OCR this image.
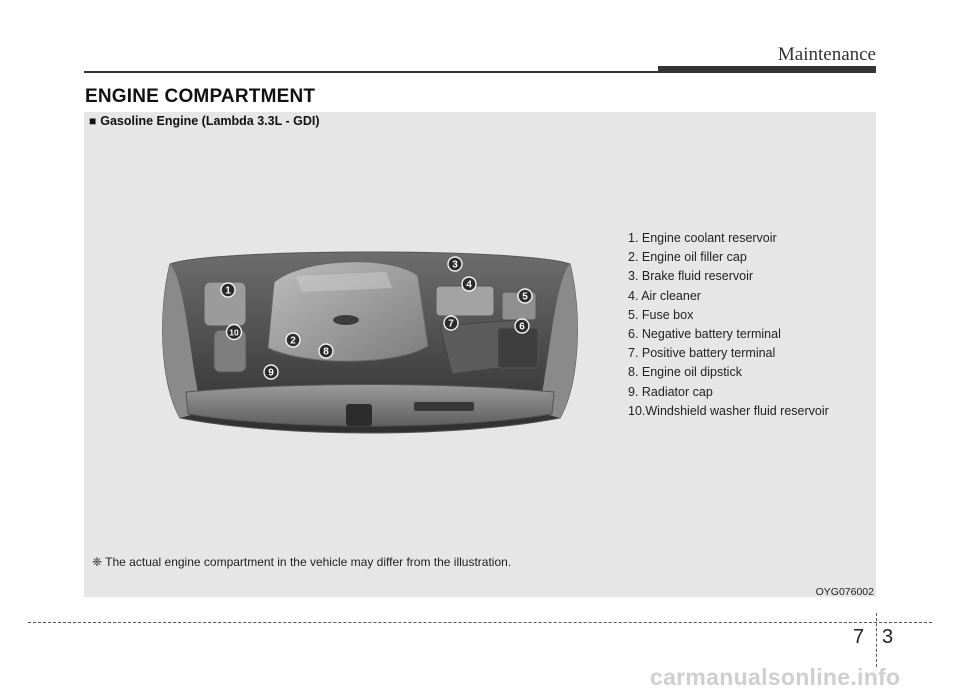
Maintenance
ENGINE COMPARTMENT
■ Gasoline Engine (Lambda 3.3L - GDI)
1
2
3
4
5
6
7
8
9
10
1. Engine coolant reservoir
2. Engine oil filler cap
3. Brake fluid reservoir
4. Air cleaner
5. Fuse box
6. Negative battery terminal
7. Positive battery terminal
8. Engine oil dipstick
9. Radiator cap
10.Windshield washer fluid reservoir
❈ The actual engine compartment in the vehicle may differ from the illustration.
OYG076002
7 3
carmanualsonline.info
